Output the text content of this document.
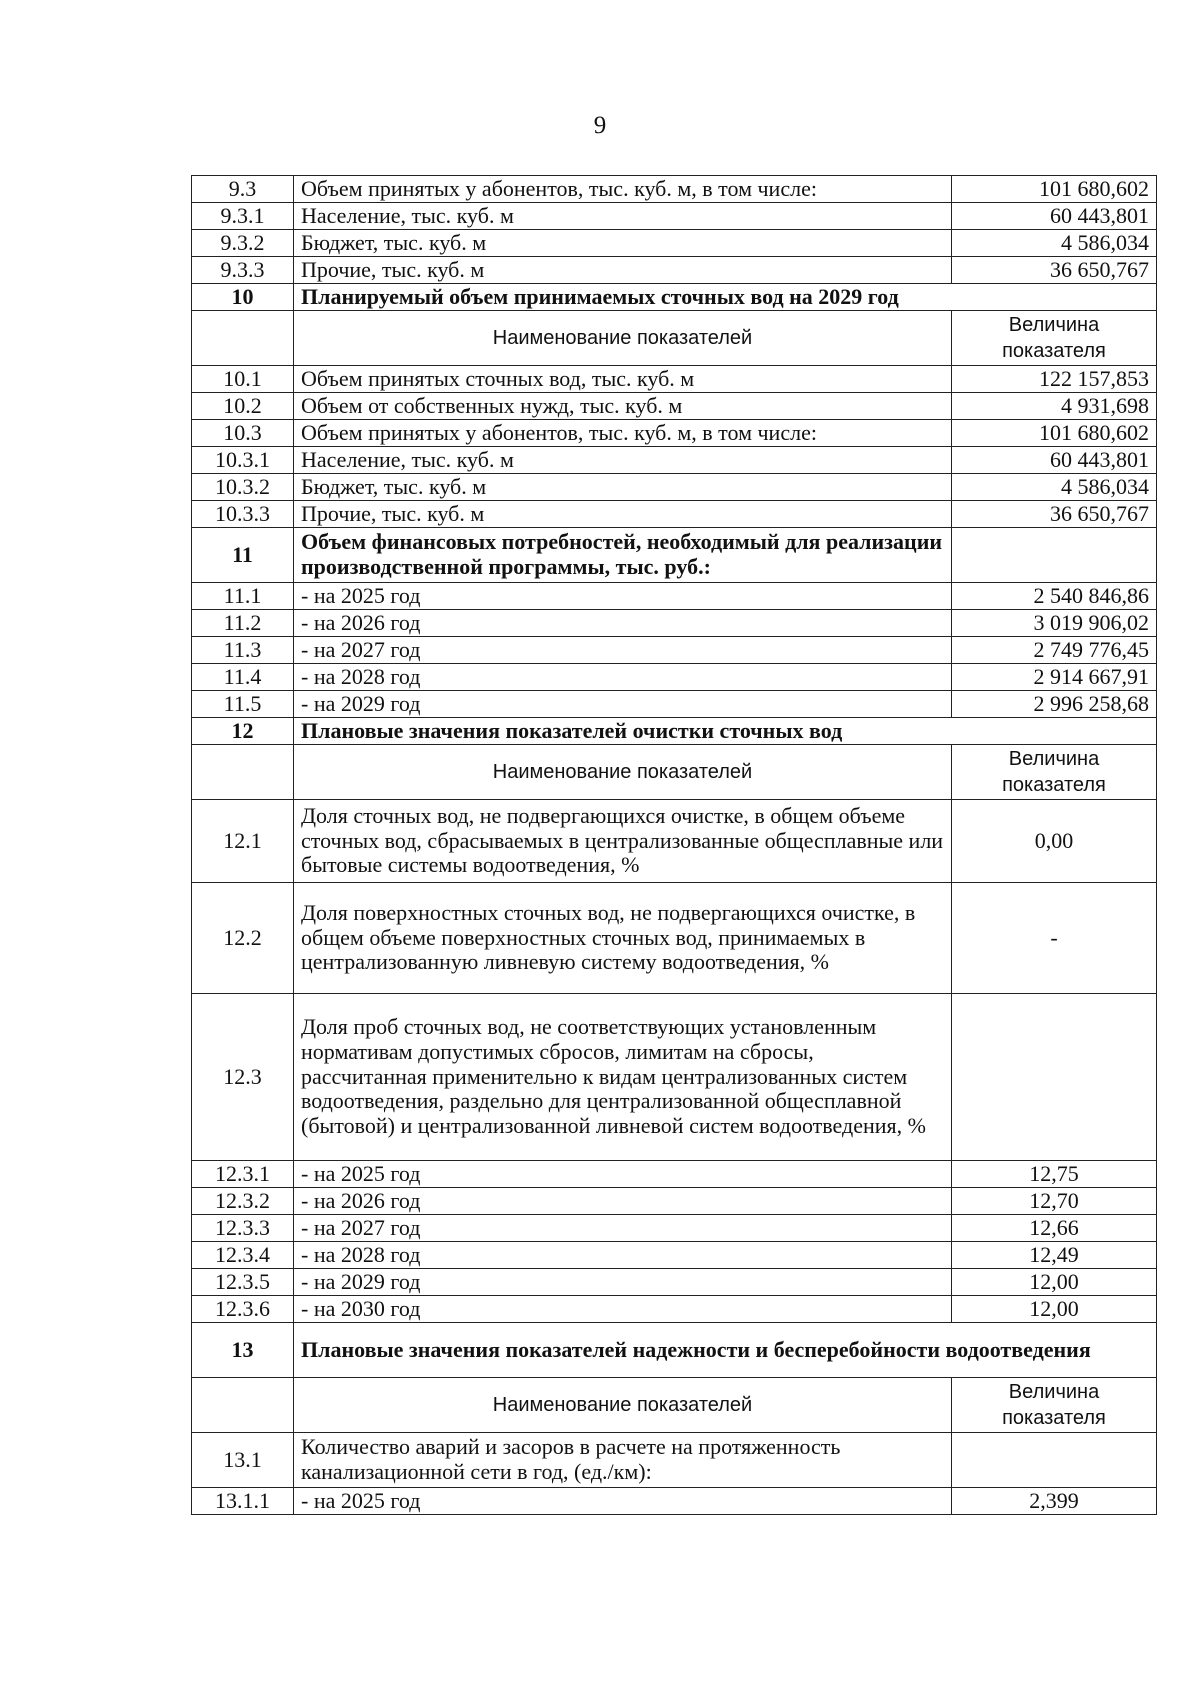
9
9.3	Объем принятых у абонентов, тыс. куб. м, в том числе:	101 680,602
9.3.1	Население, тыс. куб. м	60 443,801
9.3.2	Бюджет, тыс. куб. м	4 586,034
9.3.3	Прочие, тыс. куб. м	36 650,767
10	Планируемый объем принимаемых сточных вод на 2029 год	
	Наименование показателей	Величина показателя
10.1	Объем принятых сточных вод, тыс. куб. м	122 157,853
10.2	Объем от собственных нужд, тыс. куб. м	4 931,698
10.3	Объем принятых у абонентов, тыс. куб. м, в том числе:	101 680,602
10.3.1	Население, тыс. куб. м	60 443,801
10.3.2	Бюджет, тыс. куб. м	4 586,034
10.3.3	Прочие, тыс. куб. м	36 650,767
11	Объем финансовых потребностей, необходимый для реализации производственной программы, тыс. руб.:	
11.1	- на 2025 год	2 540 846,86
11.2	- на 2026 год	3 019 906,02
11.3	- на 2027 год	2 749 776,45
11.4	- на 2028 год	2 914 667,91
11.5	- на 2029 год	2 996 258,68
12	Плановые значения показателей очистки сточных вод	
	Наименование показателей	Величина показателя
12.1	Доля сточных вод, не подвергающихся очистке, в общем объеме сточных вод, сбрасываемых в централизованные общесплавные или бытовые системы водоотведения, %	0,00
12.2	Доля поверхностных сточных вод, не подвергающихся очистке, в общем объеме поверхностных сточных вод, принимаемых в централизованную ливневую систему водоотведения, %	-
12.3	Доля проб сточных вод, не соответствующих установленным нормативам допустимых сбросов, лимитам на сбросы, рассчитанная применительно к видам централизованных систем водоотведения, раздельно для централизованной общесплавной (бытовой) и централизованной ливневой систем водоотведения, %	
12.3.1	- на 2025 год	12,75
12.3.2	- на 2026 год	12,70
12.3.3	- на 2027 год	12,66
12.3.4	- на 2028 год	12,49
12.3.5	- на 2029 год	12,00
12.3.6	- на 2030 год	12,00
13	Плановые значения показателей надежности и бесперебойности водоотведения	
	Наименование показателей	Величина показателя
13.1	Количество аварий и засоров в расчете на протяженность канализационной сети в год, (ед./км):	
13.1.1	- на 2025 год	2,399
